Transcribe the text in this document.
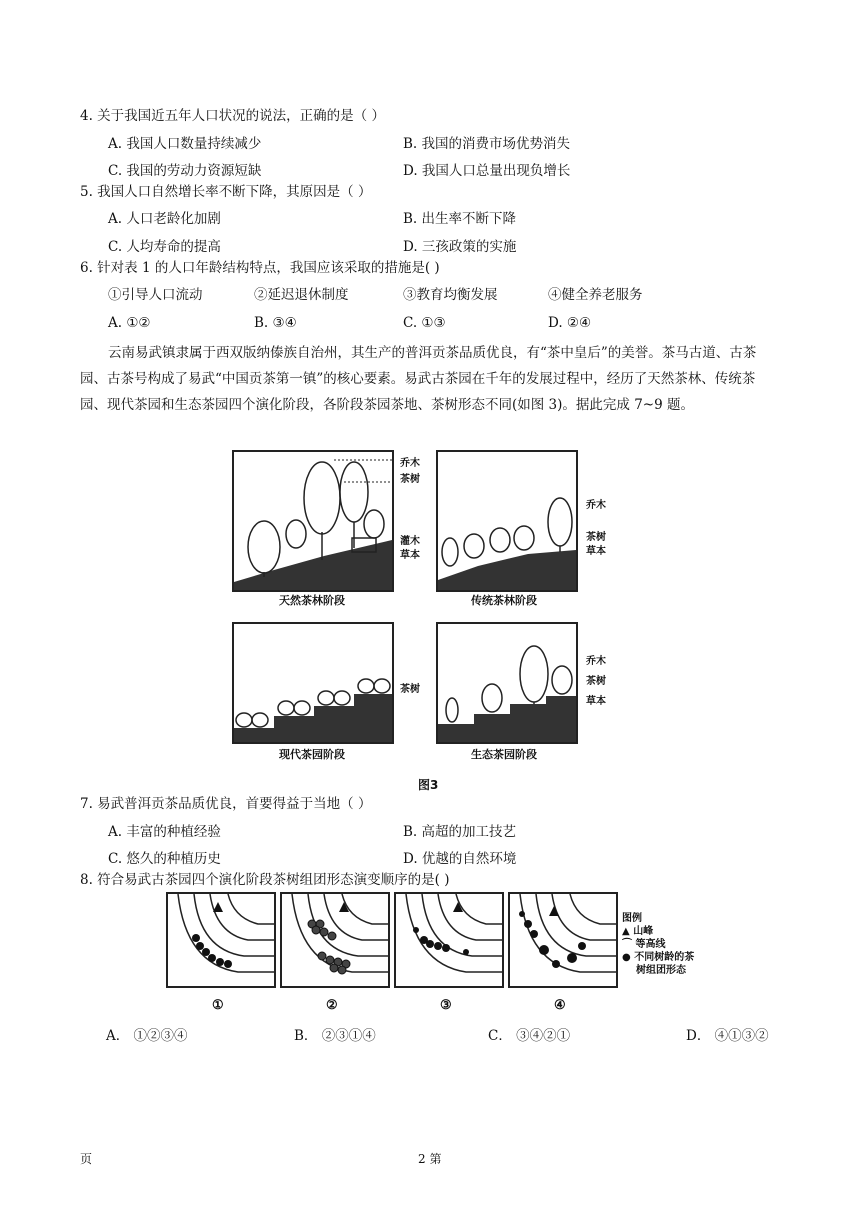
4. 关于我国近五年人口状况的说法，正确的是（ ）
A. 我国人口数量持续减少	B. 我国的消费市场优势消失
C. 我国的劳动力资源短缺	D. 我国人口总量出现负增长
5. 我国人口自然增长率不断下降，其原因是（ ）
A. 人口老龄化加剧	B. 出生率不断下降
C. 人均寿命的提高	D. 三孩政策的实施
6. 针对表 1 的人口年龄结构特点，我国应该采取的措施是( )
①引导人口流动	②延迟退休制度	③教育均衡发展	④健全养老服务
A. ①②	B. ③④	C. ①③	D. ②④
云南易武镇隶属于西双版纳傣族自治州，其生产的普洱贡茶品质优良，有“茶中皇后”的美誉。茶马古道、古茶园、古茶号构成了易武“中国贡茶第一镇”的核心要素。易武古茶园在千年的发展过程中，经历了天然茶林、传统茶园、现代茶园和生态茶园四个演化阶段，各阶段茶园茶地、茶树形态不同(如图 3)。据此完成 7~9 题。
乔木
茶树
灌木
草本
天然茶林阶段
乔木
茶树
草本
传统茶林阶段
茶树
现代茶园阶段
乔木
茶树
草本
生态茶园阶段
图3
7. 易武普洱贡茶品质优良，首要得益于当地（ ）
A. 丰富的种植经验	B. 高超的加工技艺
C. 悠久的种植历史	D. 优越的自然环境
8. 符合易武古茶园四个演化阶段茶树组团形态演变顺序的是( )
①	②	③	④
图例
▲ 山峰
⌒ 等高线
● 不同树龄的茶
树组团形态
A． ①②③④	B． ②③①④	C． ③④②①	D． ④①③②
页	2 第
